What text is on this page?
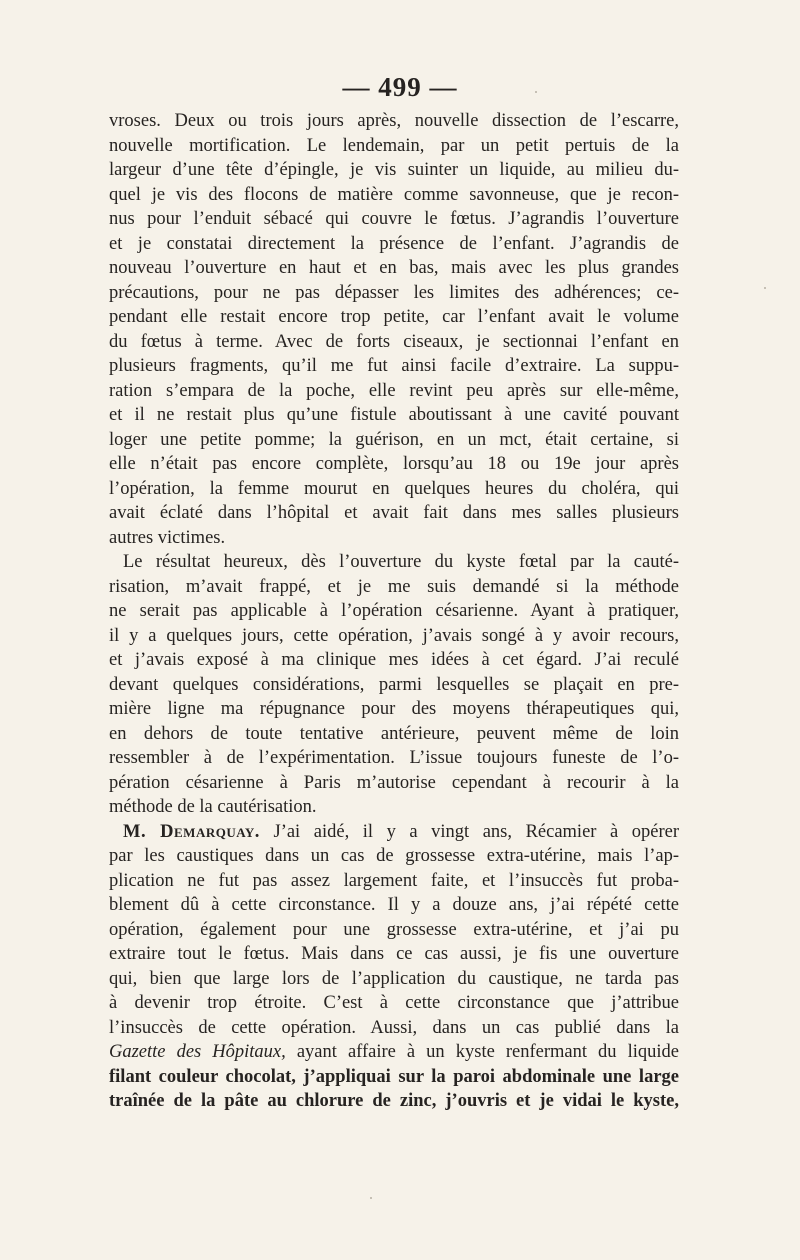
— 499 —
vroses. Deux ou trois jours après, nouvelle dissection de l’escarre,
nouvelle mortification. Le lendemain, par un petit pertuis de la
largeur d’une tête d’épingle, je vis suinter un liquide, au milieu du-
quel je vis des flocons de matière comme savonneuse, que je recon-
nus pour l’enduit sébacé qui couvre le fœtus. J’agrandis l’ouverture
et je constatai directement la présence de l’enfant. J’agrandis de
nouveau l’ouverture en haut et en bas, mais avec les plus grandes
précautions, pour ne pas dépasser les limites des adhérences; ce-
pendant elle restait encore trop petite, car l’enfant avait le volume
du fœtus à terme. Avec de forts ciseaux, je sectionnai l’enfant en
plusieurs fragments, qu’il me fut ainsi facile d’extraire. La suppu-
ration s’empara de la poche, elle revint peu après sur elle-même,
et il ne restait plus qu’une fistule aboutissant à une cavité pouvant
loger une petite pomme; la guérison, en un mct, était certaine, si
elle n’était pas encore complète, lorsqu’au 18 ou 19e jour après
l’opération, la femme mourut en quelques heures du choléra, qui
avait éclaté dans l’hôpital et avait fait dans mes salles plusieurs
autres victimes.
Le résultat heureux, dès l’ouverture du kyste fœtal par la cauté-
risation, m’avait frappé, et je me suis demandé si la méthode
ne serait pas applicable à l’opération césarienne. Ayant à pratiquer,
il y a quelques jours, cette opération, j’avais songé à y avoir recours,
et j’avais exposé à ma clinique mes idées à cet égard. J’ai reculé
devant quelques considérations, parmi lesquelles se plaçait en pre-
mière ligne ma répugnance pour des moyens thérapeutiques qui,
en dehors de toute tentative antérieure, peuvent même de loin
ressembler à de l’expérimentation. L’issue toujours funeste de l’o-
pération césarienne à Paris m’autorise cependant à recourir à la
méthode de la cautérisation.
M. Demarquay. J’ai aidé, il y a vingt ans, Récamier à opérer
par les caustiques dans un cas de grossesse extra-utérine, mais l’ap-
plication ne fut pas assez largement faite, et l’insuccès fut proba-
blement dû à cette circonstance. Il y a douze ans, j’ai répété cette
opération, également pour une grossesse extra-utérine, et j’ai pu
extraire tout le fœtus. Mais dans ce cas aussi, je fis une ouverture
qui, bien que large lors de l’application du caustique, ne tarda pas
à devenir trop étroite. C’est à cette circonstance que j’attribue
l’insuccès de cette opération. Aussi, dans un cas publié dans la
Gazette des Hôpitaux, ayant affaire à un kyste renfermant du liquide
filant couleur chocolat, j’appliquai sur la paroi abdominale une large
traînée de la pâte au chlorure de zinc, j’ouvris et je vidai le kyste,
